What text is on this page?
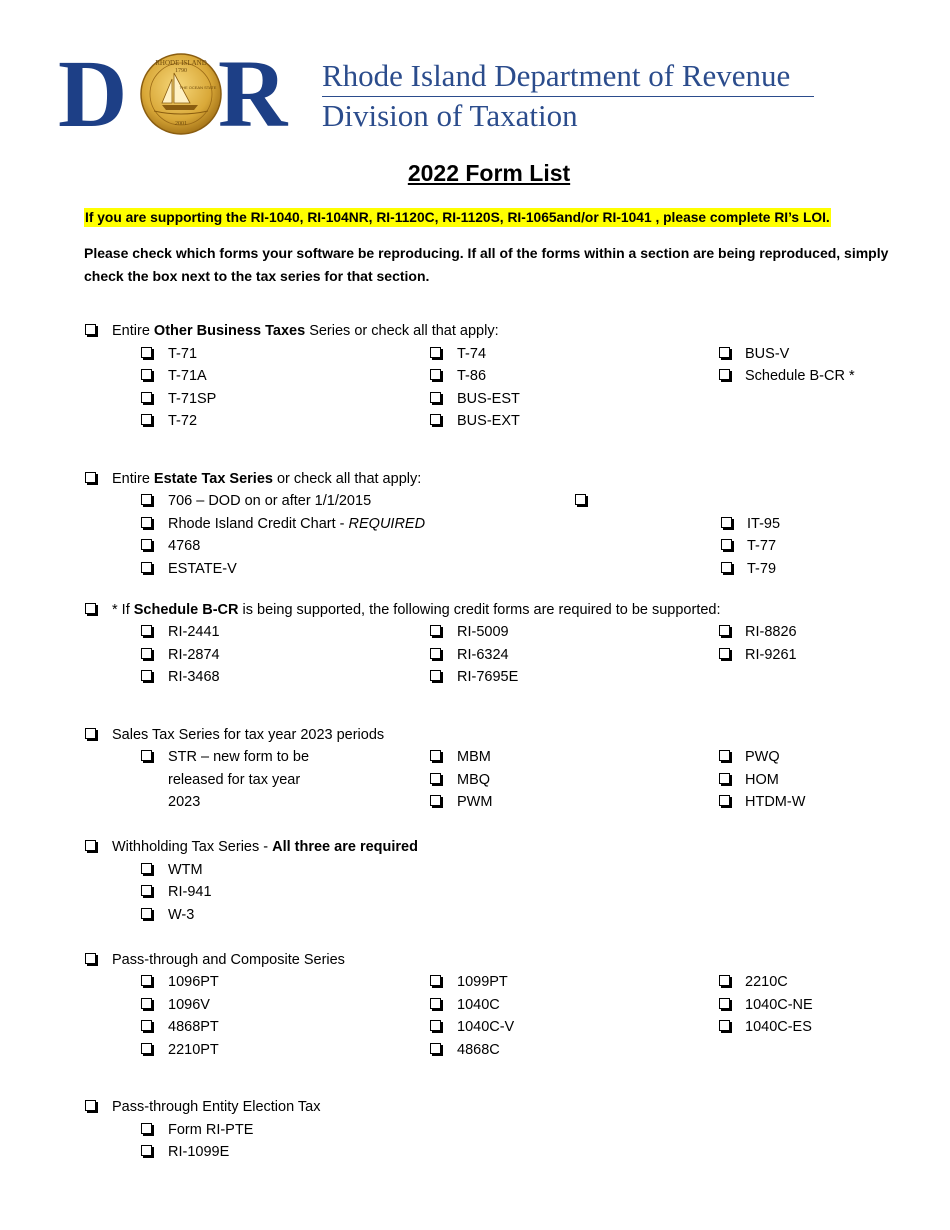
D	RHODE ISLAND
1790
THE OCEAN STATE
2001 R Rhode Island Department of Revenue
Division of Taxation
2022 Form List
If you are supporting the RI-1040, RI-104NR, RI-1120C, RI-1120S, RI-1065and/or RI-1041 , please complete RI’s LOI.
Please check which forms your software be reproducing. If all of the forms within a section are being reproduced, simply check the box next to the tax series for that section.
Entire Other Business Taxes Series or check all that apply:
T-71
T-71A
T-71SP
T-72
T-74
T-86
BUS-EST
BUS-EXT
BUS-V
Schedule B-CR *
Entire Estate Tax Series or check all that apply:
706 – DOD on or after 1/1/2015
Rhode Island Credit Chart - REQUIRED
4768
ESTATE-V
IT-95
T-77
T-79
* If Schedule B-CR is being supported, the following credit forms are required to be supported:
RI-2441
RI-2874
RI-3468
RI-5009
RI-6324
RI-7695E
RI-8826
RI-9261
Sales Tax Series for tax year 2023 periods
STR – new form to be
released for tax year
2023
MBM
MBQ
PWM
PWQ
HOM
HTDM-W
Withholding Tax Series - All three are required
WTM
RI-941
W-3
Pass-through and Composite Series
1096PT
1096V
4868PT
2210PT
1099PT
1040C
1040C-V
4868C
2210C
1040C-NE
1040C-ES
Pass-through Entity Election Tax
Form RI-PTE
RI-1099E
